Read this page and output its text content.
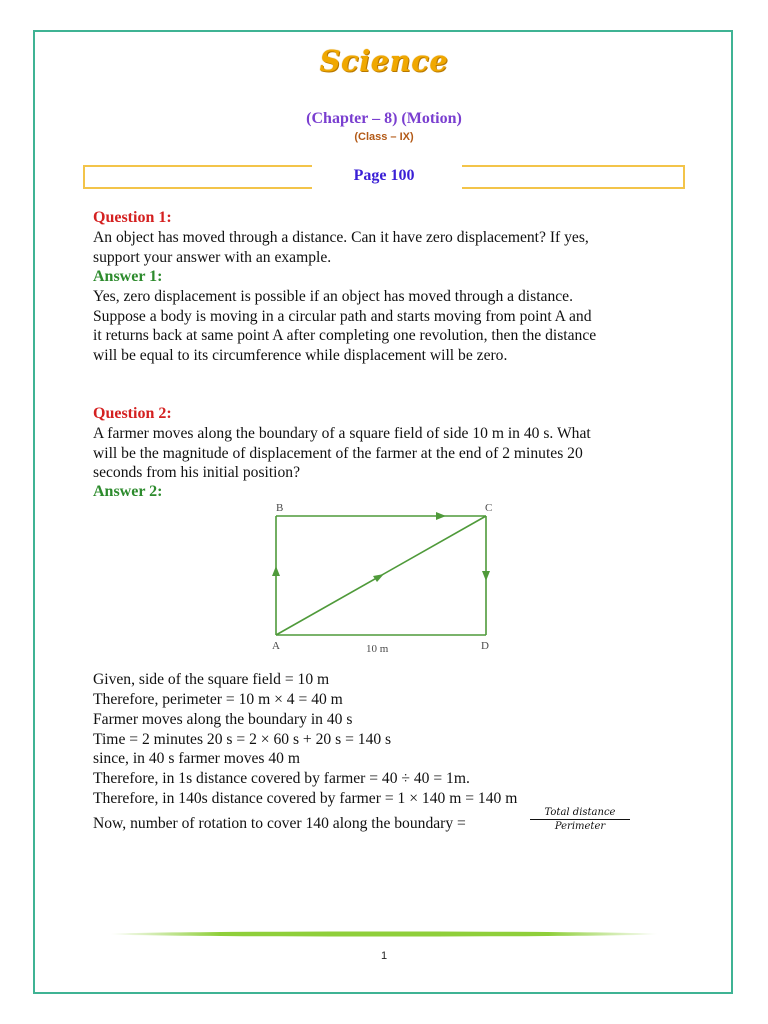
Science
(Chapter – 8) (Motion)
(Class – IX)
Page 100
Question 1:
An object has moved through a distance. Can it have zero displacement? If yes,
support your answer with an example.
Answer 1:
Yes, zero displacement is possible if an object has moved through a distance.
Suppose a body is moving in a circular path and starts moving from point A and
it returns back at same point A after completing one revolution, then the distance
will be equal to its circumference while displacement will be zero.
Question 2:
A farmer moves along the boundary of a square field of side 10 m in 40 s. What
will be the magnitude of displacement of the farmer at the end of 2 minutes 20
seconds from his initial position?
Answer 2:
B	C
A	D
10 m
Given, side of the square field = 10 m
Therefore, perimeter = 10 m × 4 = 40 m
Farmer moves along the boundary in 40 s
Time = 2 minutes 20 s = 2 × 60 s + 20 s = 140 s
since, in 40 s farmer moves 40 m
Therefore, in 1s distance covered by farmer = 40 ÷ 40 = 1m.
Therefore, in 140s distance covered by farmer = 1 × 140 m = 140 m
Now, number of rotation to cover 140 along the boundary =
Total distance
Perimeter
1
